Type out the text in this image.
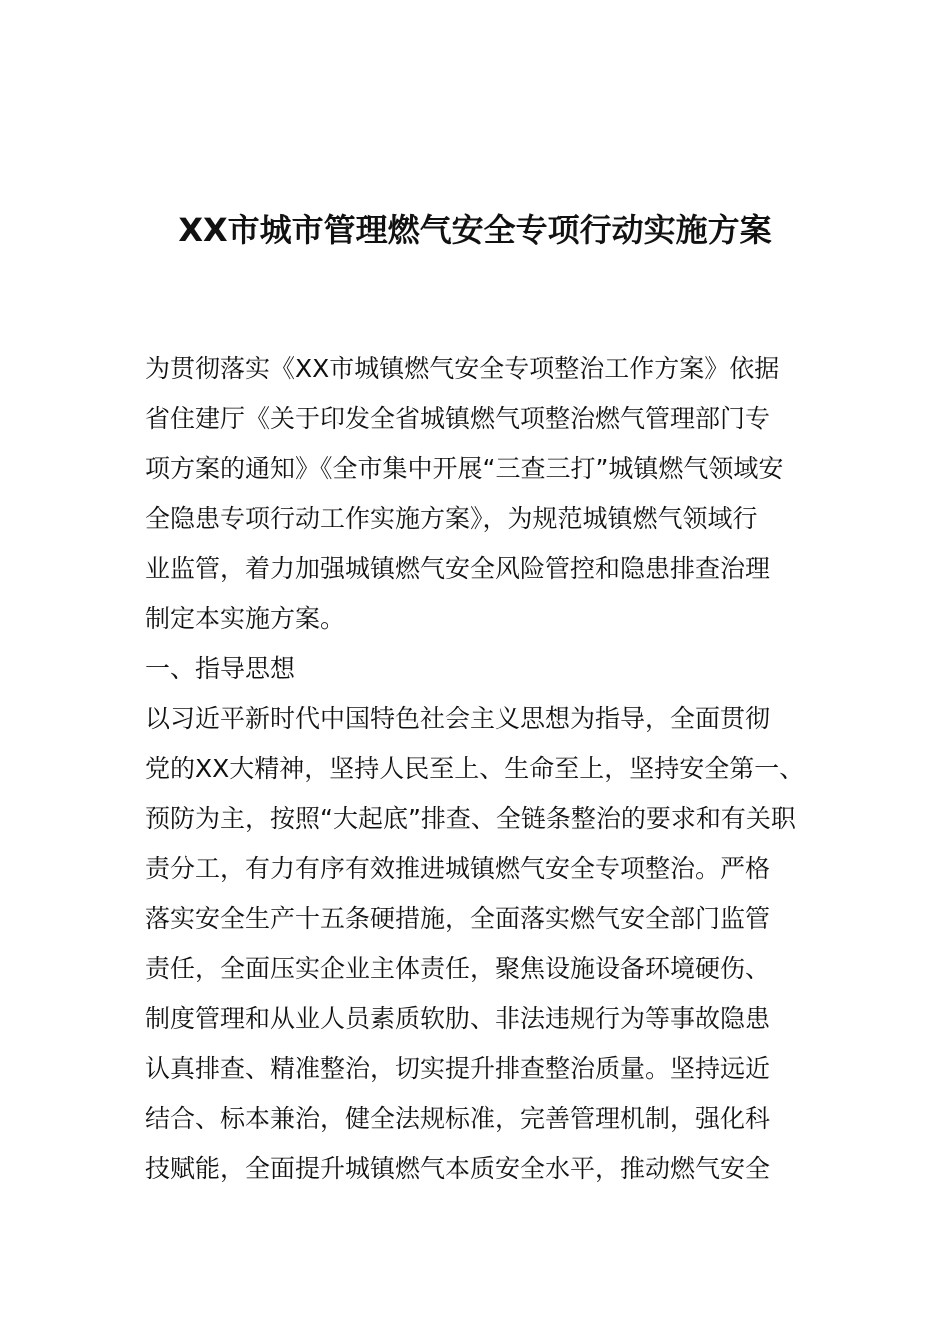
XX市城市管理燃气安全专项行动实施方案
为贯彻落实《XX市城镇燃气安全专项整治工作方案》依据
省住建厅《关于印发全省城镇燃气项整治燃气管理部门专
项方案的通知》《全市集中开展“三查三打”城镇燃气领域安
全隐患专项行动工作实施方案》，为规范城镇燃气领域行
业监管，着力加强城镇燃气安全风险管控和隐患排查治理
制定本实施方案。
一、指导思想
以习近平新时代中国特色社会主义思想为指导，全面贯彻
党的XX大精神，坚持人民至上、生命至上，坚持安全第一、
预防为主，按照“大起底”排查、全链条整治的要求和有关职
责分工，有力有序有效推进城镇燃气安全专项整治。严格
落实安全生产十五条硬措施，全面落实燃气安全部门监管
责任，全面压实企业主体责任，聚焦设施设备环境硬伤、
制度管理和从业人员素质软肋、非法违规行为等事故隐患
认真排查、精准整治，切实提升排查整治质量。坚持远近
结合、标本兼治，健全法规标准，完善管理机制，强化科
技赋能，全面提升城镇燃气本质安全水平，推动燃气安全
